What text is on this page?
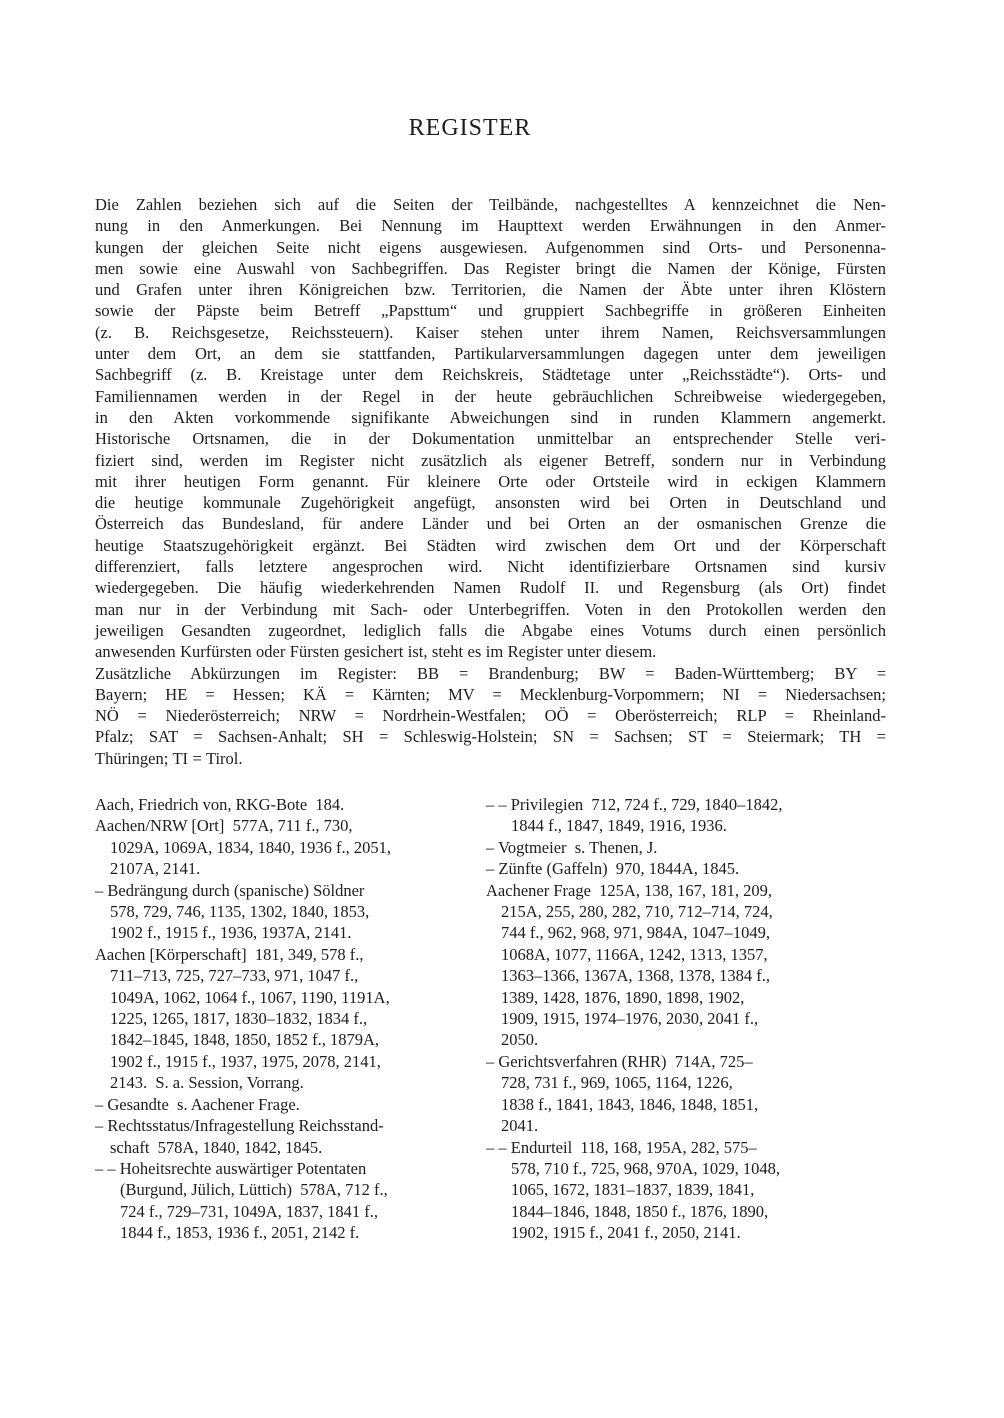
REGISTER
Die Zahlen beziehen sich auf die Seiten der Teilbände, nachgestelltes A kennzeichnet die Nen-
nung in den Anmerkungen. Bei Nennung im Haupttext werden Erwähnungen in den Anmer-
kungen der gleichen Seite nicht eigens ausgewiesen. Aufgenommen sind Orts- und Personenna-
men sowie eine Auswahl von Sachbegriffen. Das Register bringt die Namen der Könige, Fürsten
und Grafen unter ihren Königreichen bzw. Territorien, die Namen der Äbte unter ihren Klöstern
sowie der Päpste beim Betreff „Papsttum“ und gruppiert Sachbegriffe in größeren Einheiten
(z. B. Reichsgesetze, Reichssteuern). Kaiser stehen unter ihrem Namen, Reichsversammlungen
unter dem Ort, an dem sie stattfanden, Partikularversammlungen dagegen unter dem jeweiligen
Sachbegriff (z. B. Kreistage unter dem Reichskreis, Städtetage unter „Reichsstädte“). Orts- und
Familiennamen werden in der Regel in der heute gebräuchlichen Schreibweise wiedergegeben,
in den Akten vorkommende signifikante Abweichungen sind in runden Klammern angemerkt.
Historische Ortsnamen, die in der Dokumentation unmittelbar an entsprechender Stelle veri-
fiziert sind, werden im Register nicht zusätzlich als eigener Betreff, sondern nur in Verbindung
mit ihrer heutigen Form genannt. Für kleinere Orte oder Ortsteile wird in eckigen Klammern
die heutige kommunale Zugehörigkeit angefügt, ansonsten wird bei Orten in Deutschland und
Österreich das Bundesland, für andere Länder und bei Orten an der osmanischen Grenze die
heutige Staatszugehörigkeit ergänzt. Bei Städten wird zwischen dem Ort und der Körperschaft
differenziert, falls letztere angesprochen wird. Nicht identifizierbare Ortsnamen sind kursiv
wiedergegeben. Die häufig wiederkehrenden Namen Rudolf II. und Regensburg (als Ort) findet
man nur in der Verbindung mit Sach- oder Unterbegriffen. Voten in den Protokollen werden den
jeweiligen Gesandten zugeordnet, lediglich falls die Abgabe eines Votums durch einen persönlich
anwesenden Kurfürsten oder Fürsten gesichert ist, steht es im Register unter diesem.
Zusätzliche Abkürzungen im Register: BB = Brandenburg; BW = Baden-Württemberg; BY =
Bayern; HE = Hessen; KÄ = Kärnten; MV = Mecklenburg-Vorpommern; NI = Niedersachsen;
NÖ = Niederösterreich; NRW = Nordrhein-Westfalen; OÖ = Oberösterreich; RLP = Rheinland-
Pfalz; SAT = Sachsen-Anhalt; SH = Schleswig-Holstein; SN = Sachsen; ST = Steiermark; TH =
Thüringen; TI = Tirol.
Aach, Friedrich von, RKG-Bote  184.
Aachen/NRW [Ort]  577A, 711 f., 730,
1029A, 1069A, 1834, 1840, 1936 f., 2051,
2107A, 2141.
– Bedrängung durch (spanische) Söldner
578, 729, 746, 1135, 1302, 1840, 1853,
1902 f., 1915 f., 1936, 1937A, 2141.
Aachen [Körperschaft]  181, 349, 578 f.,
711–713, 725, 727–733, 971, 1047 f.,
1049A, 1062, 1064 f., 1067, 1190, 1191A,
1225, 1265, 1817, 1830–1832, 1834 f.,
1842–1845, 1848, 1850, 1852 f., 1879A,
1902 f., 1915 f., 1937, 1975, 2078, 2141,
2143.  S. a. Session, Vorrang.
– Gesandte  s. Aachener Frage.
– Rechtsstatus/Infragestellung Reichsstand-
schaft  578A, 1840, 1842, 1845.
– – Hoheitsrechte auswärtiger Potentaten
(Burgund, Jülich, Lüttich)  578A, 712 f.,
724 f., 729–731, 1049A, 1837, 1841 f.,
1844 f., 1853, 1936 f., 2051, 2142 f.
– – Privilegien  712, 724 f., 729, 1840–1842,
1844 f., 1847, 1849, 1916, 1936.
– Vogtmeier  s. Thenen, J.
– Zünfte (Gaffeln)  970, 1844A, 1845.
Aachener Frage  125A, 138, 167, 181, 209,
215A, 255, 280, 282, 710, 712–714, 724,
744 f., 962, 968, 971, 984A, 1047–1049,
1068A, 1077, 1166A, 1242, 1313, 1357,
1363–1366, 1367A, 1368, 1378, 1384 f.,
1389, 1428, 1876, 1890, 1898, 1902,
1909, 1915, 1974–1976, 2030, 2041 f.,
2050.
– Gerichtsverfahren (RHR)  714A, 725–
728, 731 f., 969, 1065, 1164, 1226,
1838 f., 1841, 1843, 1846, 1848, 1851,
2041.
– – Endurteil  118, 168, 195A, 282, 575–
578, 710 f., 725, 968, 970A, 1029, 1048,
1065, 1672, 1831–1837, 1839, 1841,
1844–1846, 1848, 1850 f., 1876, 1890,
1902, 1915 f., 2041 f., 2050, 2141.
